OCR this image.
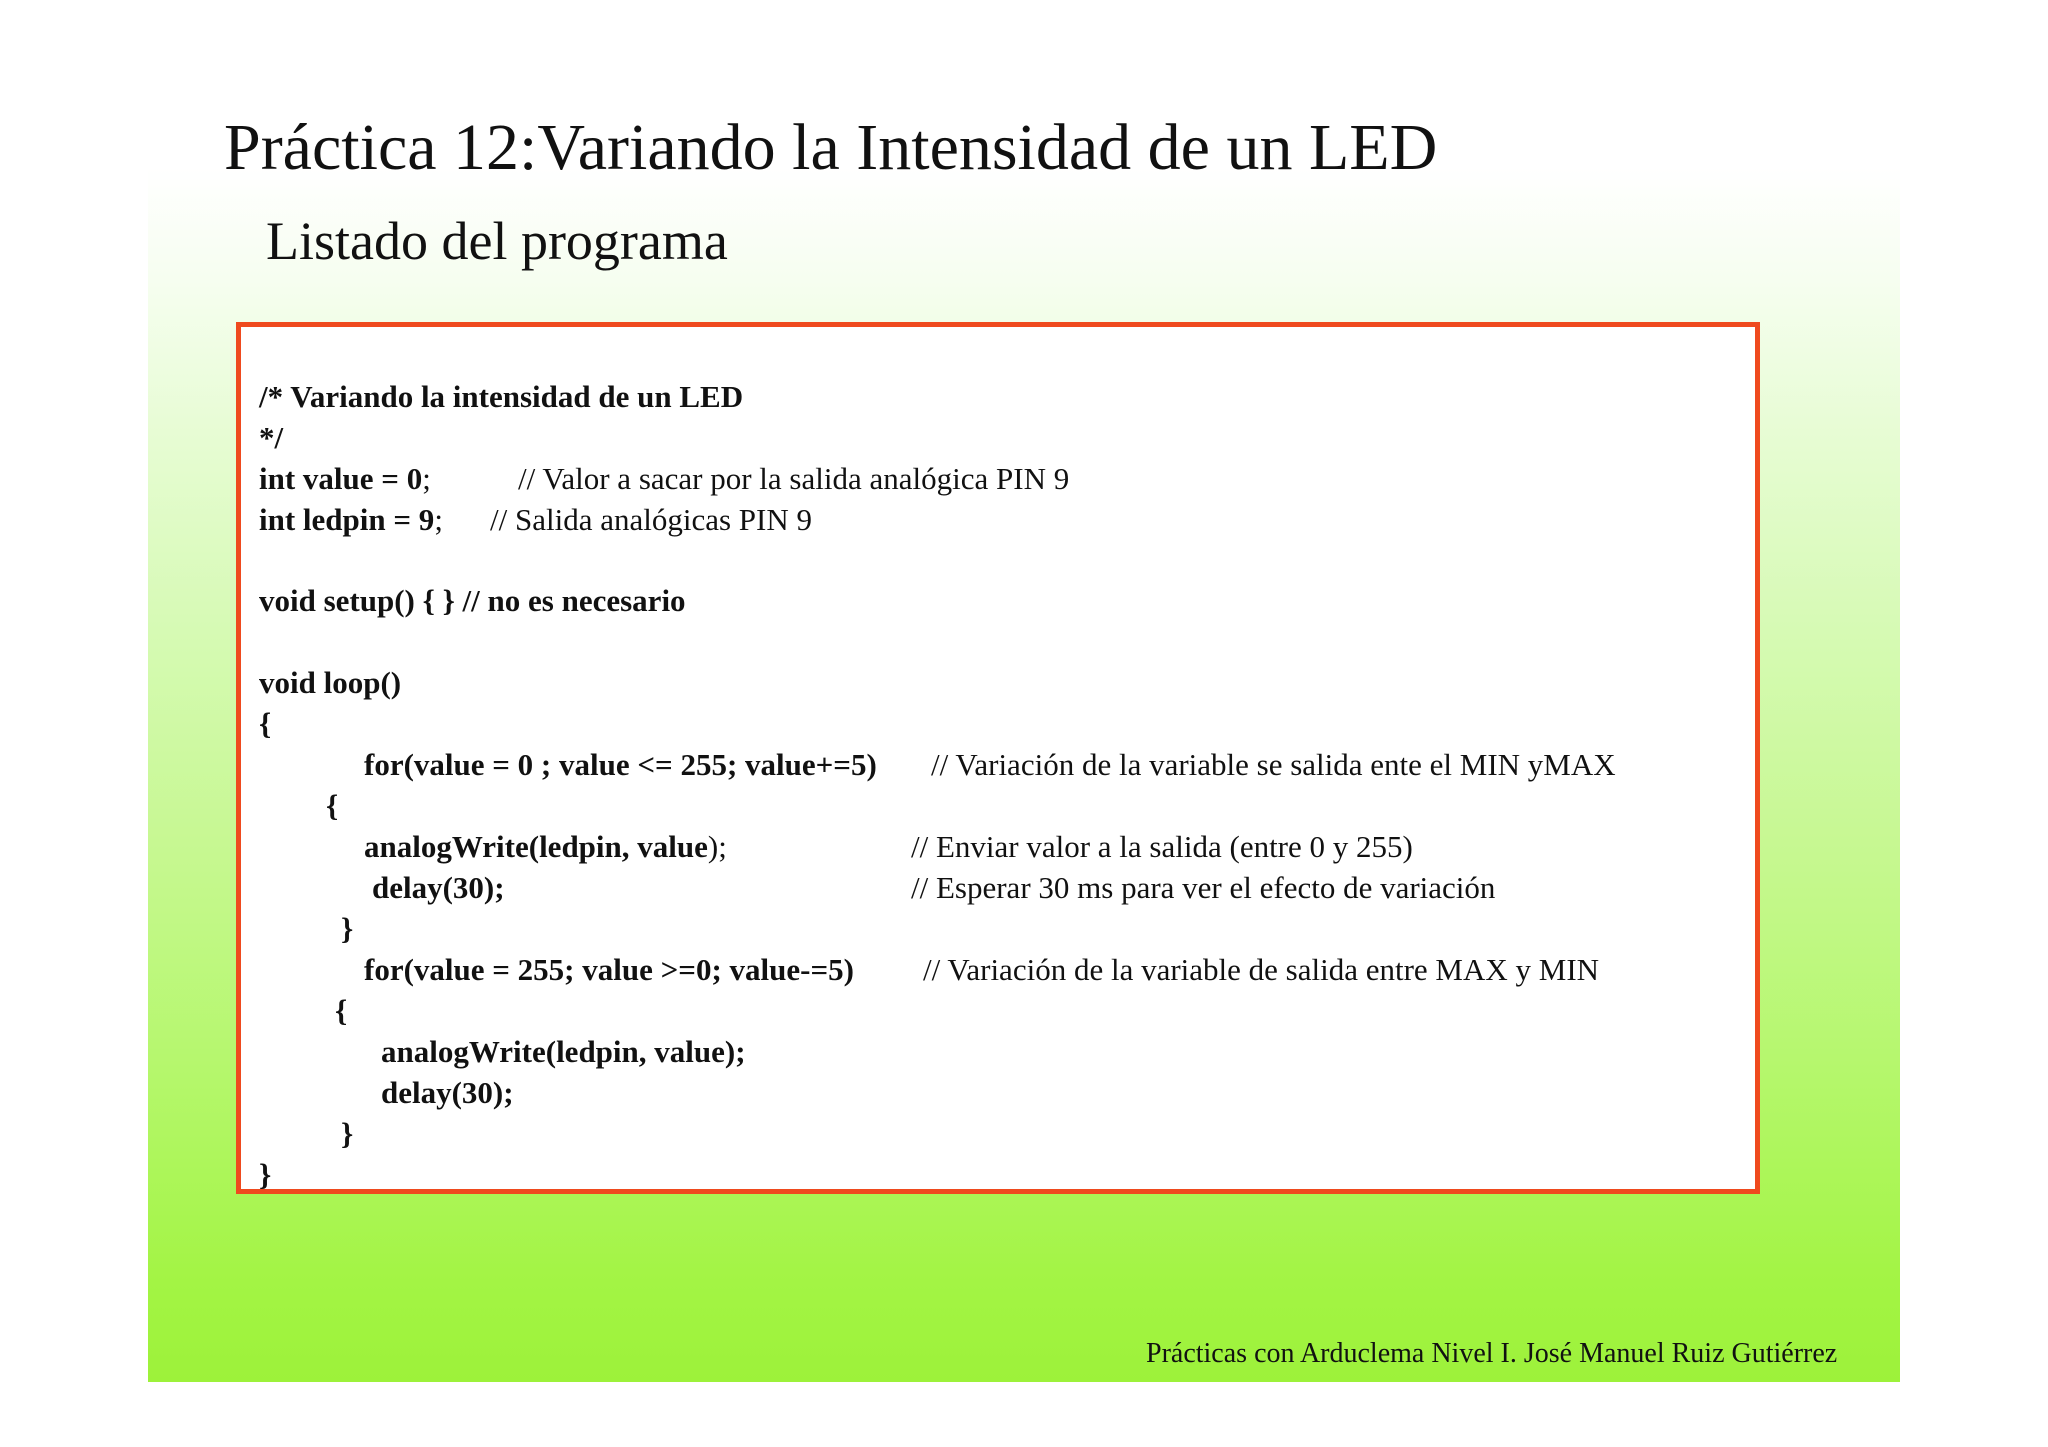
Práctica 12:Variando la Intensidad de un LED
Listado del programa
/* Variando la intensidad de un LED
*/
int value = 0;	// Valor a sacar por la salida analógica PIN 9
int ledpin = 9; // Salida analógicas PIN 9
void setup() { } // no es necesario
void loop()
{
for(value = 0 ; value <= 255; value+=5) // Variación de la variable se salida ente el MIN yMAX
{
analogWrite(ledpin, value);	// Enviar valor a la salida (entre 0 y 255)
delay(30);	// Esperar 30 ms para ver el efecto de variación
}
for(value = 255; value >=0; value-=5) // Variación de la variable de salida entre MAX y MIN
{
analogWrite(ledpin, value);
delay(30);
}
}
Prácticas con Arduclema Nivel I. José Manuel Ruiz Gutiérrez
